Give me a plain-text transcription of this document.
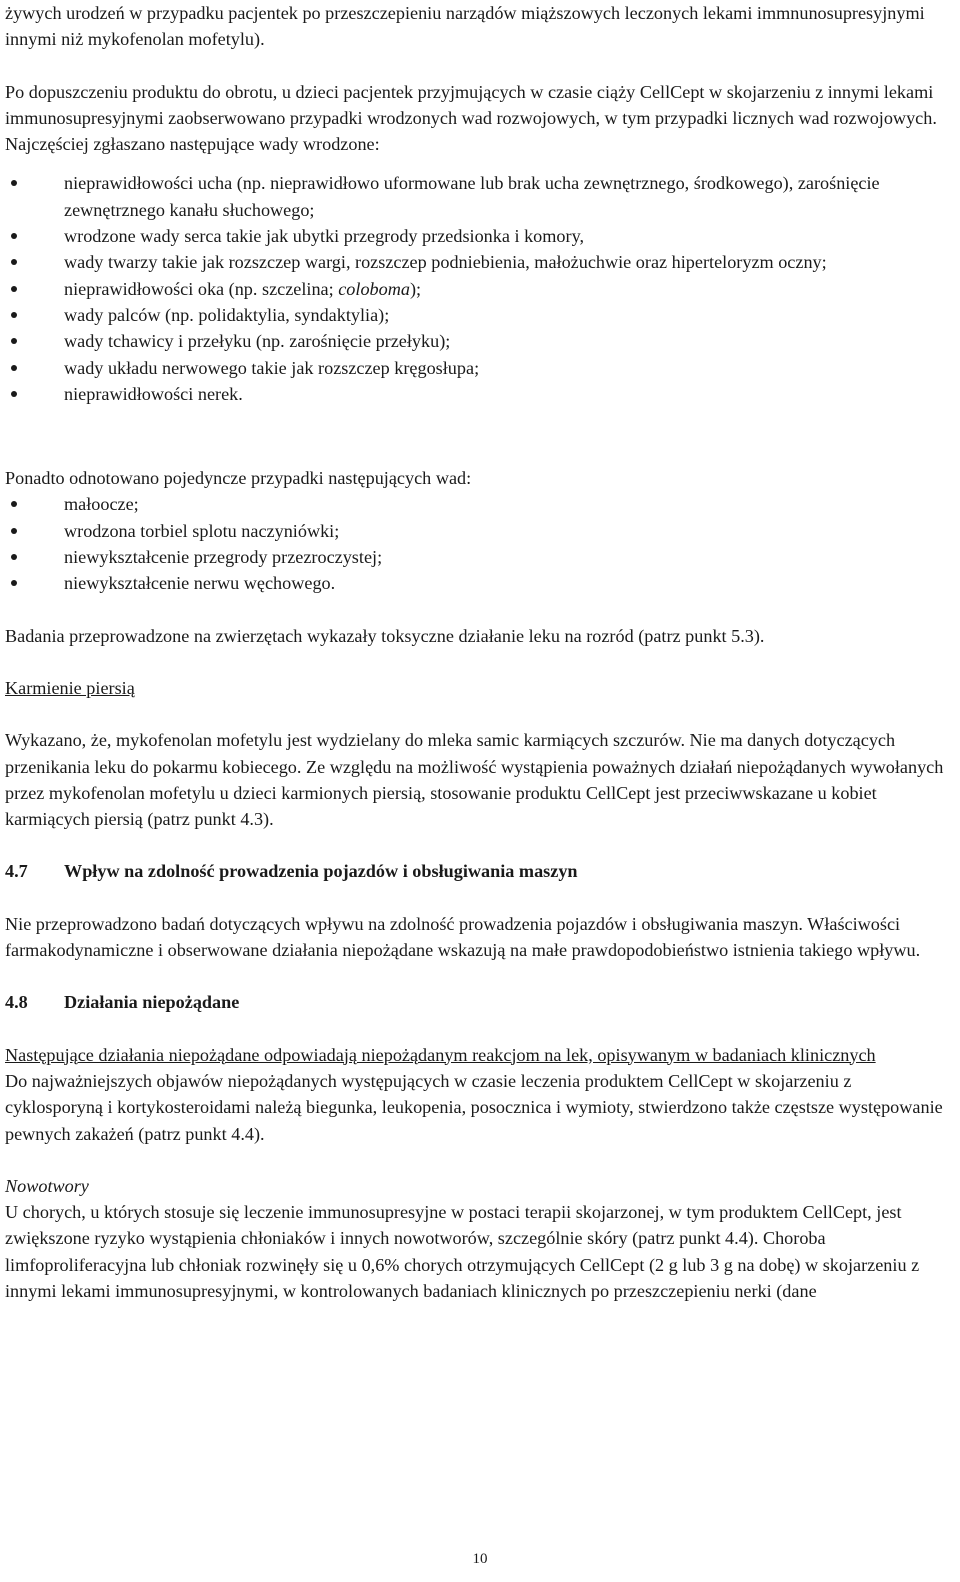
żywych urodzeń w przypadku pacjentek po przeszczepieniu narządów miąższowych leczonych lekami immnunosupresyjnymi innymi niż mykofenolan mofetylu).

Po dopuszczeniu produktu do obrotu, u dzieci pacjentek przyjmujących w czasie ciąży CellCept w skojarzeniu z innymi lekami immunosupresyjnymi zaobserwowano przypadki wrodzonych wad rozwojowych, w tym przypadki licznych wad rozwojowych. Najczęściej zgłaszano następujące wady wrodzone:

nieprawidłowości ucha (np. nieprawidłowo uformowane lub brak ucha zewnętrznego, środkowego), zarośnięcie zewnętrznego kanału słuchowego;
wrodzone wady serca takie jak ubytki przegrody przedsionka i komory,
wady twarzy takie jak rozszczep wargi, rozszczep podniebienia, małożuchwie oraz hiperteloryzm oczny;
nieprawidłowości oka (np. szczelina; coloboma);
wady palców (np. polidaktylia, syndaktylia);
wady tchawicy i przełyku (np. zarośnięcie przełyku);
wady układu nerwowego takie jak rozszczep kręgosłupa;
nieprawidłowości nerek.

Ponadto odnotowano pojedyncze przypadki następujących wad:

małoocze;
wrodzona torbiel splotu naczyniówki;
niewykształcenie przegrody przezroczystej;
niewykształcenie nerwu węchowego.

Badania przeprowadzone na zwierzętach wykazały toksyczne działanie leku na rozród (patrz punkt 5.3).

Karmienie piersią

Wykazano, że, mykofenolan mofetylu jest wydzielany do mleka samic karmiących szczurów. Nie ma danych dotyczących przenikania leku do pokarmu kobiecego. Ze względu na możliwość wystąpienia poważnych działań niepożądanych wywołanych przez mykofenolan mofetylu u dzieci karmionych piersią, stosowanie produktu CellCept jest przeciwwskazane u kobiet karmiących piersią (patrz punkt 4.3).

4.7 Wpływ na zdolność prowadzenia pojazdów i obsługiwania maszyn

Nie przeprowadzono badań dotyczących wpływu na zdolność prowadzenia pojazdów i obsługiwania maszyn. Właściwości farmakodynamiczne i obserwowane działania niepożądane wskazują na małe prawdopodobieństwo istnienia takiego wpływu.

4.8 Działania niepożądane

Następujące działania niepożądane odpowiadają niepożądanym reakcjom na lek, opisywanym w badaniach klinicznych

Do najważniejszych objawów niepożądanych występujących w czasie leczenia produktem CellCept w skojarzeniu z cyklosporyną i kortykosteroidami należą biegunka, leukopenia, posocznica i wymioty, stwierdzono także częstsze występowanie pewnych zakażeń (patrz punkt 4.4).

Nowotwory

U chorych, u których stosuje się leczenie immunosupresyjne w postaci terapii skojarzonej, w tym produktem CellCept, jest zwiększone ryzyko wystąpienia chłoniaków i innych nowotworów, szczególnie skóry (patrz punkt 4.4). Choroba limfoproliferacyjna lub chłoniak rozwinęły się u 0,6% chorych otrzymujących CellCept (2 g lub 3 g na dobę) w skojarzeniu z innymi lekami immunosupresyjnymi, w kontrolowanych badaniach klinicznych po przeszczepieniu nerki (dane

10
